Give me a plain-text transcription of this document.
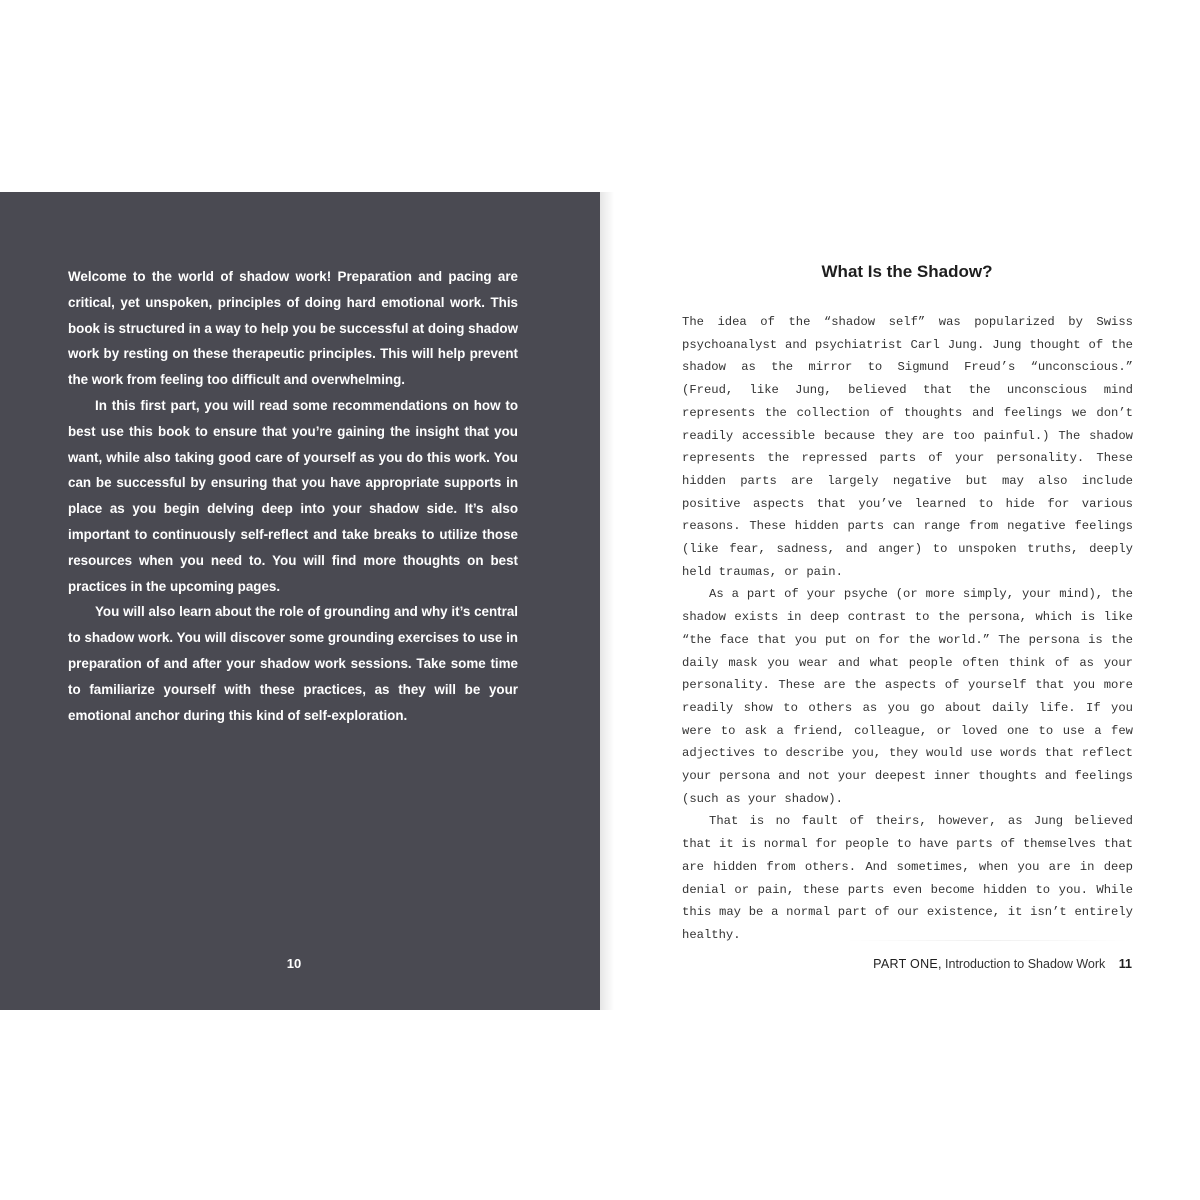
Welcome to the world of shadow work! Preparation and pacing are critical, yet unspoken, principles of doing hard emotional work. This book is structured in a way to help you be successful at doing shadow work by resting on these therapeutic principles. This will help prevent the work from feeling too difficult and overwhelming.

In this first part, you will read some recommendations on how to best use this book to ensure that you’re gaining the insight that you want, while also taking good care of yourself as you do this work. You can be successful by ensuring that you have appropriate supports in place as you begin delving deep into your shadow side. It’s also important to continuously self-reflect and take breaks to utilize those resources when you need to. You will find more thoughts on best practices in the upcoming pages.

You will also learn about the role of grounding and why it’s central to shadow work. You will discover some grounding exercises to use in preparation of and after your shadow work sessions. Take some time to familiarize yourself with these practices, as they will be your emotional anchor during this kind of self-exploration.

10
What Is the Shadow?

The idea of the “shadow self” was popularized by Swiss psychoanalyst and psychiatrist Carl Jung. Jung thought of the shadow as the mirror to Sigmund Freud’s “unconscious.” (Freud, like Jung, believed that the unconscious mind represents the collection of thoughts and feelings we don’t readily accessible because they are too painful.) The shadow represents the repressed parts of your personality. These hidden parts are largely negative but may also include positive aspects that you’ve learned to hide for various reasons. These hidden parts can range from negative feelings (like fear, sadness, and anger) to unspoken truths, deeply held traumas, or pain.

As a part of your psyche (or more simply, your mind), the shadow exists in deep contrast to the persona, which is like “the face that you put on for the world.” The persona is the daily mask you wear and what people often think of as your personality. These are the aspects of yourself that you more readily show to others as you go about daily life. If you were to ask a friend, colleague, or loved one to use a few adjectives to describe you, they would use words that reflect your persona and not your deepest inner thoughts and feelings (such as your shadow).

That is no fault of theirs, however, as Jung believed that it is normal for people to have parts of themselves that are hidden from others. And sometimes, when you are in deep denial or pain, these parts even become hidden to you. While this may be a normal part of our existence, it isn’t entirely healthy.

PART ONE, Introduction to Shadow Work 11
